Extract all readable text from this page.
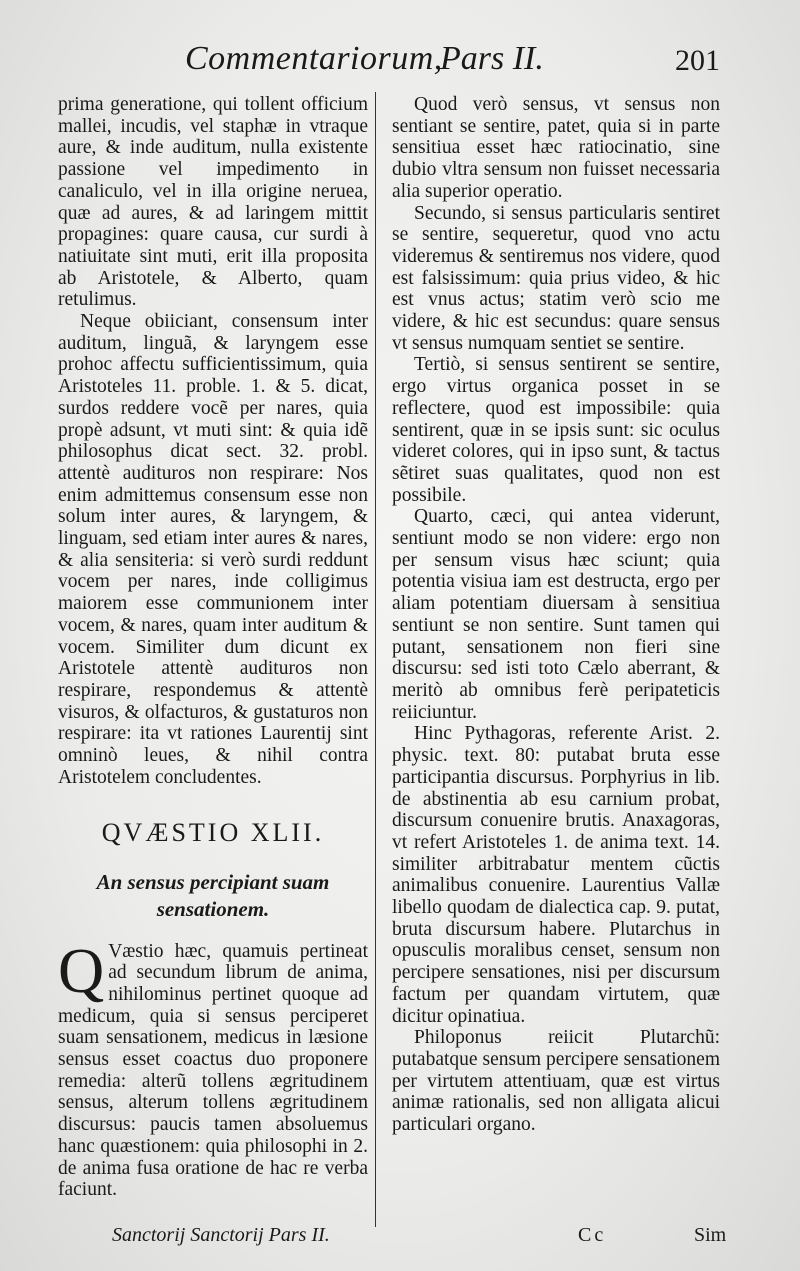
Commentariorum,
Pars II.	201

prima generatione, qui tollent officium mallei, incudis, vel staphæ in vtraque aure, & inde auditum, nulla existente passione vel impedimento in canaliculo, vel in illa origine neruea, quæ ad aures, & ad laringem mittit propagines: quare causa, cur surdi à natiuitate sint muti, erit illa proposita ab Aristotele, & Alberto, quam retulimus.

Neque obiiciant, consensum inter auditum, linguã, & laryngem esse prohoc affectu sufficientissimum, quia Aristoteles 11. proble. 1. & 5. dicat, surdos reddere vocẽ per nares, quia propè adsunt, vt muti sint: & quia idẽ philosophus dicat sect. 32. probl. attentè audituros non respirare: Nos enim admittemus consensum esse non solum inter aures, & laryngem, & linguam, sed etiam inter aures & nares, & alia sensiteria: si verò surdi reddunt vocem per nares, inde colligimus maiorem esse communionem inter vocem, & nares, quam inter auditum & vocem. Similiter dum dicunt ex Aristotele attentè audituros non respirare, respondemus & attentè visuros, & olfacturos, & gustaturos non respirare: ita vt rationes Laurentij sint omninò leues, & nihil contra Aristotelem concludentes.

QVÆSTIO XLII.
An sensus percipiant suam sensationem.

Q Væstio hæc, quamuis pertineat ad secundum librum de anima, nihilominus pertinet quoque ad medicum, quia si sensus perciperet suam sensationem, medicus in læsione sensus esset coactus duo proponere remedia: alterũ tollens ægritudinem sensus, alterum tollens ægritudinem discursus: paucis tamen absoluemus hanc quæstionem: quia philosophi in 2. de anima fusa oratione de hac re verba faciunt.

Quod verò sensus, vt sensus non sentiant se sentire, patet, quia si in parte sensitiua esset hæc ratiocinatio, sine dubio vltra sensum non fuisset necessaria alia superior operatio.

Secundo, si sensus particularis sentiret se sentire, sequeretur, quod vno actu videremus & sentiremus nos videre, quod est falsissimum: quia prius video, & hic est vnus actus; statim verò scio me videre, & hic est secundus: quare sensus vt sensus numquam sentiet se sentire.

Tertiò, si sensus sentirent se sentire, ergo virtus organica posset in se reflectere, quod est impossibile: quia sentirent, quæ in se ipsis sunt: sic oculus videret colores, qui in ipso sunt, & tactus sẽtiret suas qualitates, quod non est possibile.

Quarto, cæci, qui antea viderunt, sentiunt modo se non videre: ergo non per sensum visus hæc sciunt; quia potentia visiua iam est destructa, ergo per aliam potentiam diuersam à sensitiua sentiunt se non sentire. Sunt tamen qui putant, sensationem non fieri sine discursu: sed isti toto Cælo aberrant, & meritò ab omnibus ferè peripateticis reiiciuntur.

Hinc Pythagoras, referente Arist. 2. physic. text. 80: putabat bruta esse participantia discursus. Porphyrius in lib. de abstinentia ab esu carnium probat, discursum conuenire brutis. Anaxagoras, vt refert Aristoteles 1. de anima text. 14. similiter arbitrabatur mentem cũctis animalibus conuenire. Laurentius Vallæ libello quodam de dialectica cap. 9. putat, bruta discursum habere. Plutarchus in opusculis moralibus censet, sensum non percipere sensationes, nisi per discursum factum per quandam virtutem, quæ dicitur opinatiua.

Philoponus reiicit Plutarchũ: putabatque sensum percipere sensationem per virtutem attentiuam, quæ est virtus animæ rationalis, sed non alligata alicui particulari organo.

Sanctorij Sanctorij Pars II.	Cc	Sim
